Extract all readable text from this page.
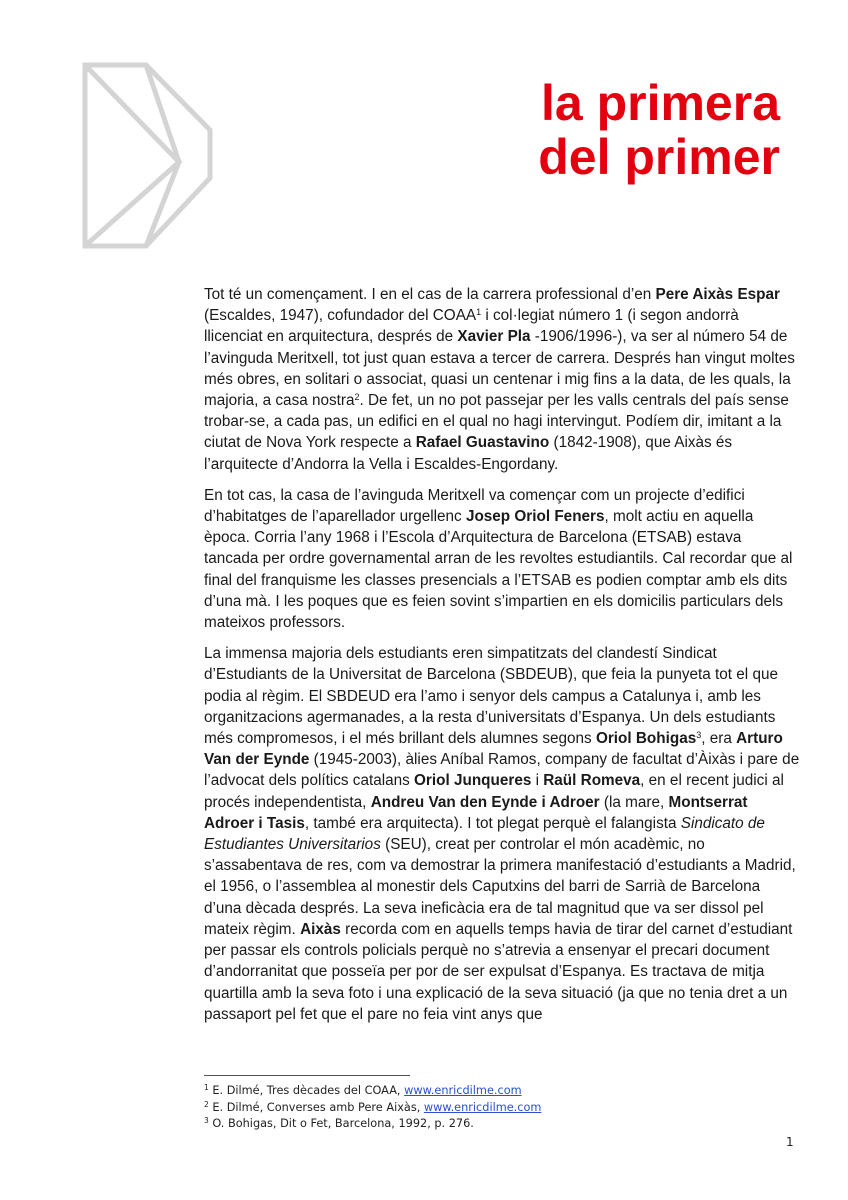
la primera
del primer

Tot té un començament. I en el cas de la carrera professional d’en Pere Aixàs Espar (Escaldes, 1947), cofundador del COAA$^1$ i col·legiat número 1 (i segon andorrà llicenciat en arquitectura, després de Xavier Pla -1906/1996-), va ser al número 54 de l’avinguda Meritxell, tot just quan estava a tercer de carrera. Després han vingut moltes més obres, en solitari o associat, quasi un centenar i mig fins a la data, de les quals, la majoria, a casa nostra$^2$. De fet, un no pot passejar per les valls centrals del país sense trobar-se, a cada pas, un edifici en el qual no hagi intervingut. Podíem dir, imitant a la ciutat de Nova York respecte a Rafael Guastavino (1842-1908), que Aixàs és l’arquitecte d’Andorra la Vella i Escaldes-Engordany.

En tot cas, la casa de l’avinguda Meritxell va començar com un projecte d’edifici d’habitatges de l’aparellador urgellenc Josep Oriol Feners, molt actiu en aquella època. Corria l’any 1968 i l’Escola d’Arquitectura de Barcelona (ETSAB) estava tancada per ordre governamental arran de les revoltes estudiantils. Cal recordar que al final del franquisme les classes presencials a l’ETSAB es podien comptar amb els dits d’una mà. I les poques que es feien sovint s’impartien en els domicilis particulars dels mateixos professors.

La immensa majoria dels estudiants eren simpatitzats del clandestí Sindicat d’Estudiants de la Universitat de Barcelona (SBDEUB), que feia la punyeta tot el que podia al règim. El SBDEUD era l’amo i senyor dels campus a Catalunya i, amb les organitzacions agermanades, a la resta d’universitats d’Espanya. Un dels estudiants més compromesos, i el més brillant dels alumnes segons Oriol Bohigas$^3$, era Arturo Van der Eynde (1945-2003), àlies Aníbal Ramos, company de facultat d’Àixàs i pare de l’advocat dels polítics catalans Oriol Junqueres i Raül Romeva, en el recent judici al procés independentista, Andreu Van den Eynde i Adroer (la mare, Montserrat Adroer i Tasis, també era arquitecta). I tot plegat perquè el falangista Sindicato de Estudiantes Universitarios (SEU), creat per controlar el món acadèmic, no s’assabentava de res, com va demostrar la primera manifestació d’estudiants a Madrid, el 1956, o l’assemblea al monestir dels Caputxins del barri de Sarrià de Barcelona d’una dècada després. La seva ineficàcia era de tal magnitud que va ser dissol pel mateix règim. Aixàs recorda com en aquells temps havia de tirar del carnet d’estudiant per passar els controls policials perquè no s’atrevia a ensenyar el precari document d’andorranitat que posseïa per por de ser expulsat d’Espanya. Es tractava de mitja quartilla amb la seva foto i una explicació de la seva situació (ja que no tenia dret a un passaport pel fet que el pare no feia vint anys que

$^1$ E. Dilmé, Tres dècades del COAA, www.enricdilme.com
$^2$ E. Dilmé, Converses amb Pere Aixàs, www.enricdilme.com
$^3$ O. Bohigas, Dit o Fet, Barcelona, 1992, p. 276.
1
